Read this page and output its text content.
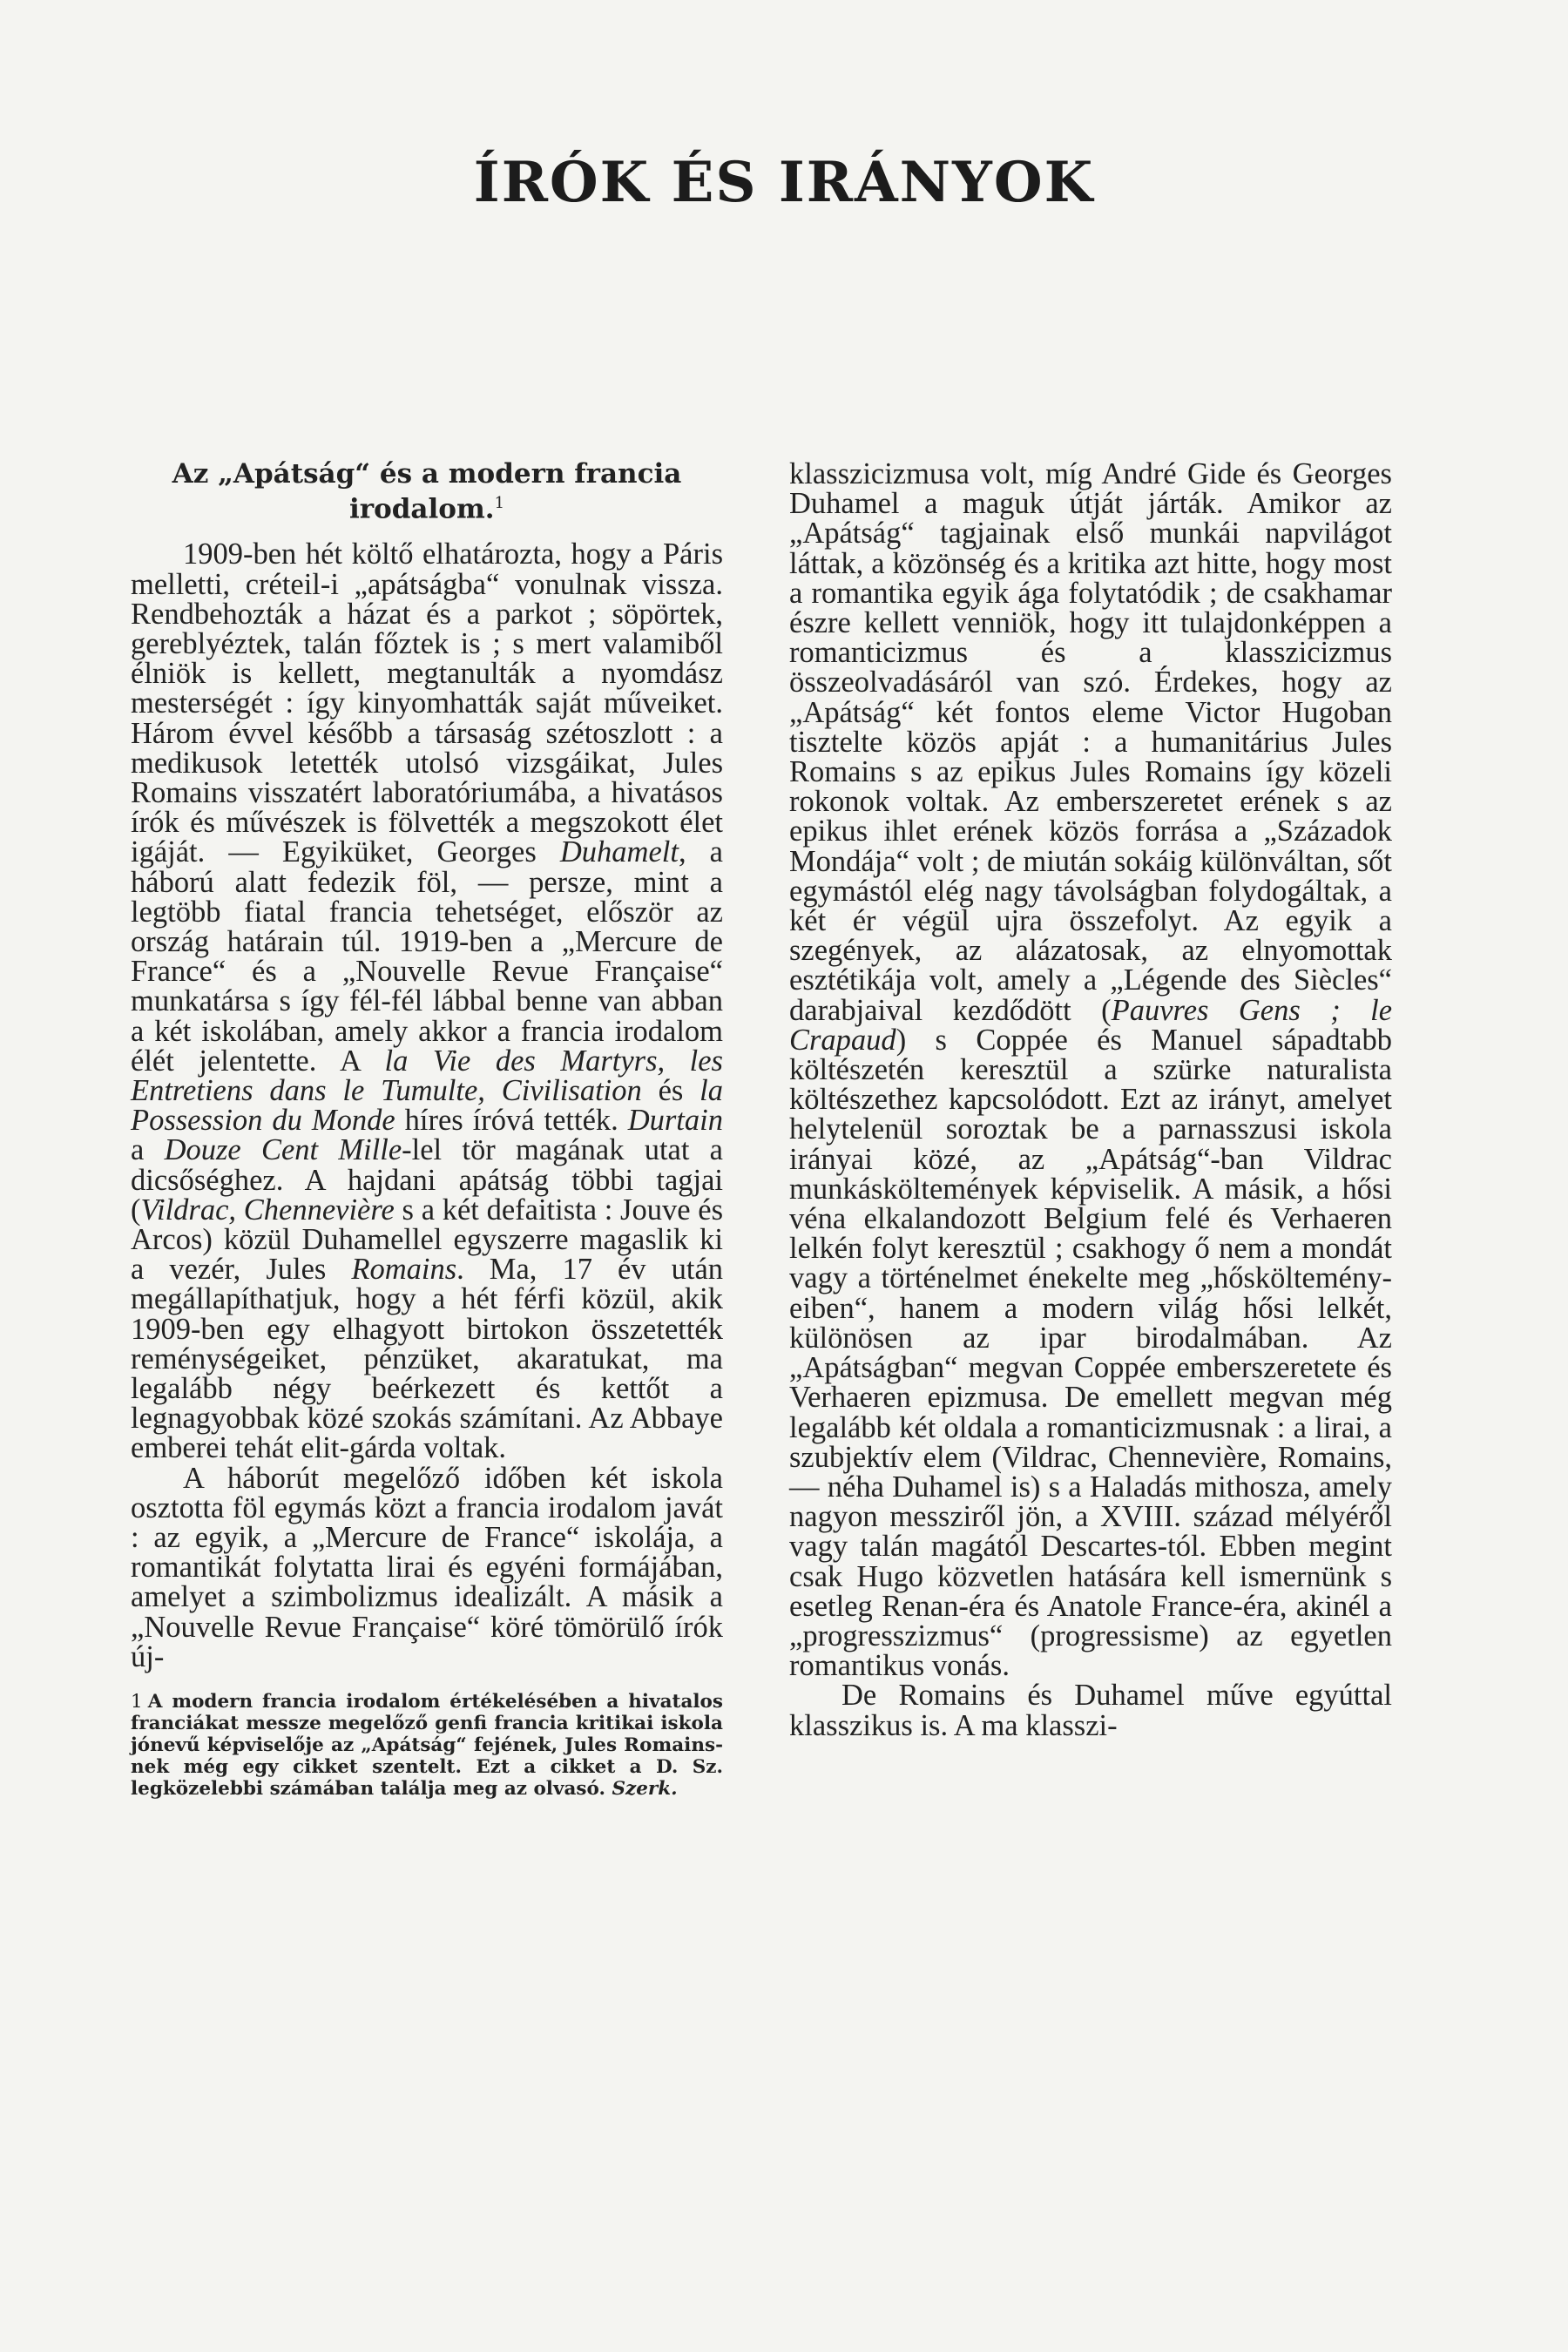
ÍRÓK ÉS IRÁNYOK
Az „Apátság“ és a modern francia irodalom.$^1$

1909-ben hét költő elhatározta, hogy a Páris melletti, créteil-i „apátságba“ vonulnak vissza. Rendbehozták a házat és a parkot ; söpörtek, gereblyéztek, talán főztek is ; s mert valamiből élniök is kellett, megtanulták a nyomdász mesterségét : így kinyomhatták saját műveiket. Három évvel később a társaság szétoszlott : a medikusok letették utolsó vizsgáikat, Jules Romains visszatért laboratóriumába, a hivatásos írók és művészek is fölvették a megszokott élet igáját. — Egyiküket, Georges Duhamelt, a háború alatt fedezik föl, — persze, mint a legtöbb fiatal francia tehetséget, először az ország határain túl. 1919-ben a „Mercure de France“ és a „Nouvelle Revue Française“ munkatársa s így fél-fél lábbal benne van abban a két iskolában, amely akkor a francia irodalom élét jelentette. A la Vie des Martyrs, les Entretiens dans le Tumulte, Civilisation és la Possession du Monde híres íróvá tették. Durtain a Douze Cent Mille-lel tör magának utat a dicsőséghez. A hajdani apátság többi tagjai (Vildrac, Chennevière s a két defaitista : Jouve és Arcos) közül Duhamellel egyszerre magaslik ki a vezér, Jules Romains. Ma, 17 év után megállapíthatjuk, hogy a hét férfi közül, akik 1909-ben egy elhagyott birtokon összetették reménységeiket, pénzüket, akaratukat, ma legalább négy beérkezett és kettőt a legnagyobbak közé szokás számítani. Az Abbaye emberei tehát elit-gárda voltak.

A háborút megelőző időben két iskola osztotta föl egymás közt a francia irodalom javát : az egyik, a „Mercure de France“ iskolája, a romantikát folytatta lirai és egyéni formájában, amelyet a szimbolizmus idealizált. A másik a „Nouvelle Revue Française“ köré tömörülő írók új-

1 A modern francia irodalom értékelésében a hivatalos franciákat messze megelőző genfi francia kritikai iskola jónevű képviselője az „Apátság“ fejének, Jules Romains-nek még egy cikket szentelt. Ezt a cikket a D. Sz. legközelebbi számában találja meg az olvasó. Szerk.

klasszicizmusa volt, míg André Gide és Georges Duhamel a maguk útját járták. Amikor az „Apátság“ tagjainak első munkái napvilágot láttak, a közönség és a kritika azt hitte, hogy most a romantika egyik ága folytatódik ; de csakhamar észre kellett venniök, hogy itt tulajdonképpen a romanticizmus és a klasszicizmus összeolvadásáról van szó. Érdekes, hogy az „Apátság“ két fontos eleme Victor Hugoban tisztelte közös apját : a humanitárius Jules Romains s az epikus Jules Romains így közeli rokonok voltak. Az emberszeretet erének s az epikus ihlet erének közös forrása a „Századok Mondája“ volt ; de miután sokáig különváltan, sőt egymástól elég nagy távolságban folydogáltak, a két ér végül ujra összefolyt. Az egyik a szegények, az alázatosak, az elnyomottak esztétikája volt, amely a „Légende des Siècles“ darabjaival kezdődött (Pauvres Gens ; le Crapaud) s Coppée és Manuel sápadtabb költészetén keresztül a szürke naturalista költészethez kapcsolódott. Ezt az irányt, amelyet helytelenül soroztak be a parnasszusi iskola irányai közé, az „Apátság“-ban Vildrac munkásköltemények képviselik. A másik, a hősi véna elkalandozott Belgium felé és Verhaeren lelkén folyt keresztül ; csakhogy ő nem a mondát vagy a történelmet énekelte meg „hőskölteményeiben“, hanem a modern világ hősi lelkét, különösen az ipar birodalmában. Az „Apátságban“ megvan Coppée emberszeretete és Verhaeren epizmusa. De emellett megvan még legalább két oldala a romanticizmusnak : a lirai, a szubjektív elem (Vildrac, Chennevière, Romains, — néha Duhamel is) s a Haladás mithosza, amely nagyon messziről jön, a XVIII. század mélyéről vagy talán magától Descartes-tól. Ebben megint csak Hugo közvetlen hatására kell ismernünk s esetleg Renan-éra és Anatole France-éra, akinél a „progresszizmus“ (progressisme) az egyetlen romantikus vonás.

De Romains és Duhamel műve egyúttal klasszikus is. A ma klasszi-
